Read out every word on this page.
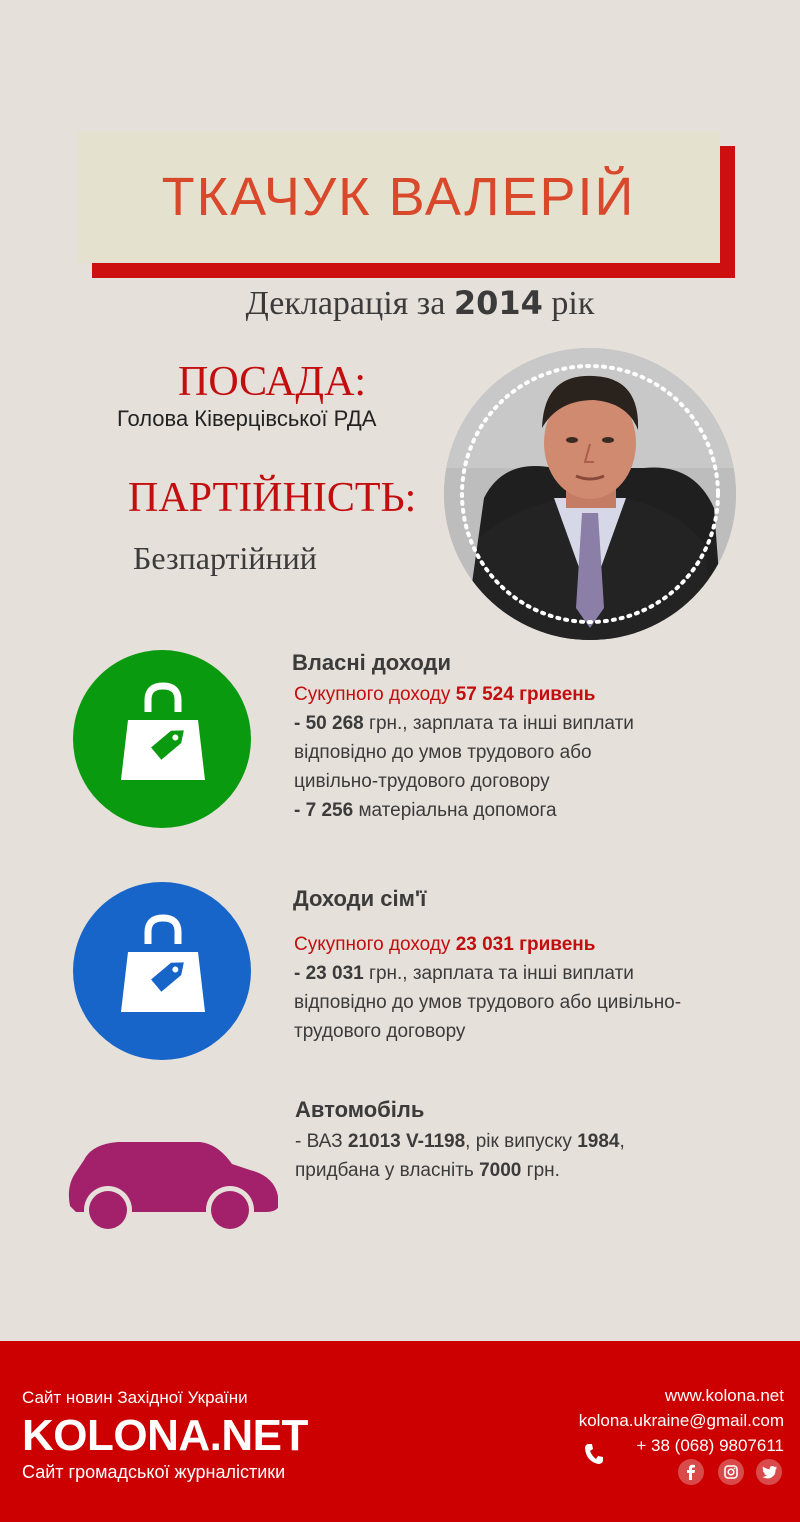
ТКАЧУК ВАЛЕРІЙ
Декларація за 2014 рік
ПОСАДА:
Голова Ківерцівської РДА
ПАРТІЙНІСТЬ:
Безпартійний
Власні доходи
Сукупного доходу 57 524 гривень
- 50 268 грн., зарплата та інші виплати
відповідно до умов трудового або
цивільно-трудового договору
- 7 256 матеріальна допомога
Доходи сім'ї
Сукупного доходу 23 031 гривень
- 23 031 грн., зарплата та інші виплати
відповідно до умов трудового або цивільно-
трудового договору
Автомобіль
- ВАЗ 21013 V-1198, рік випуску 1984,
придбана у власніть 7000 грн.
Сайт новин Західної України
KOLONA.NET
Сайт громадської журналістики
www.kolona.net
kolona.ukraine@gmail.com
+ 38 (068) 9807611
